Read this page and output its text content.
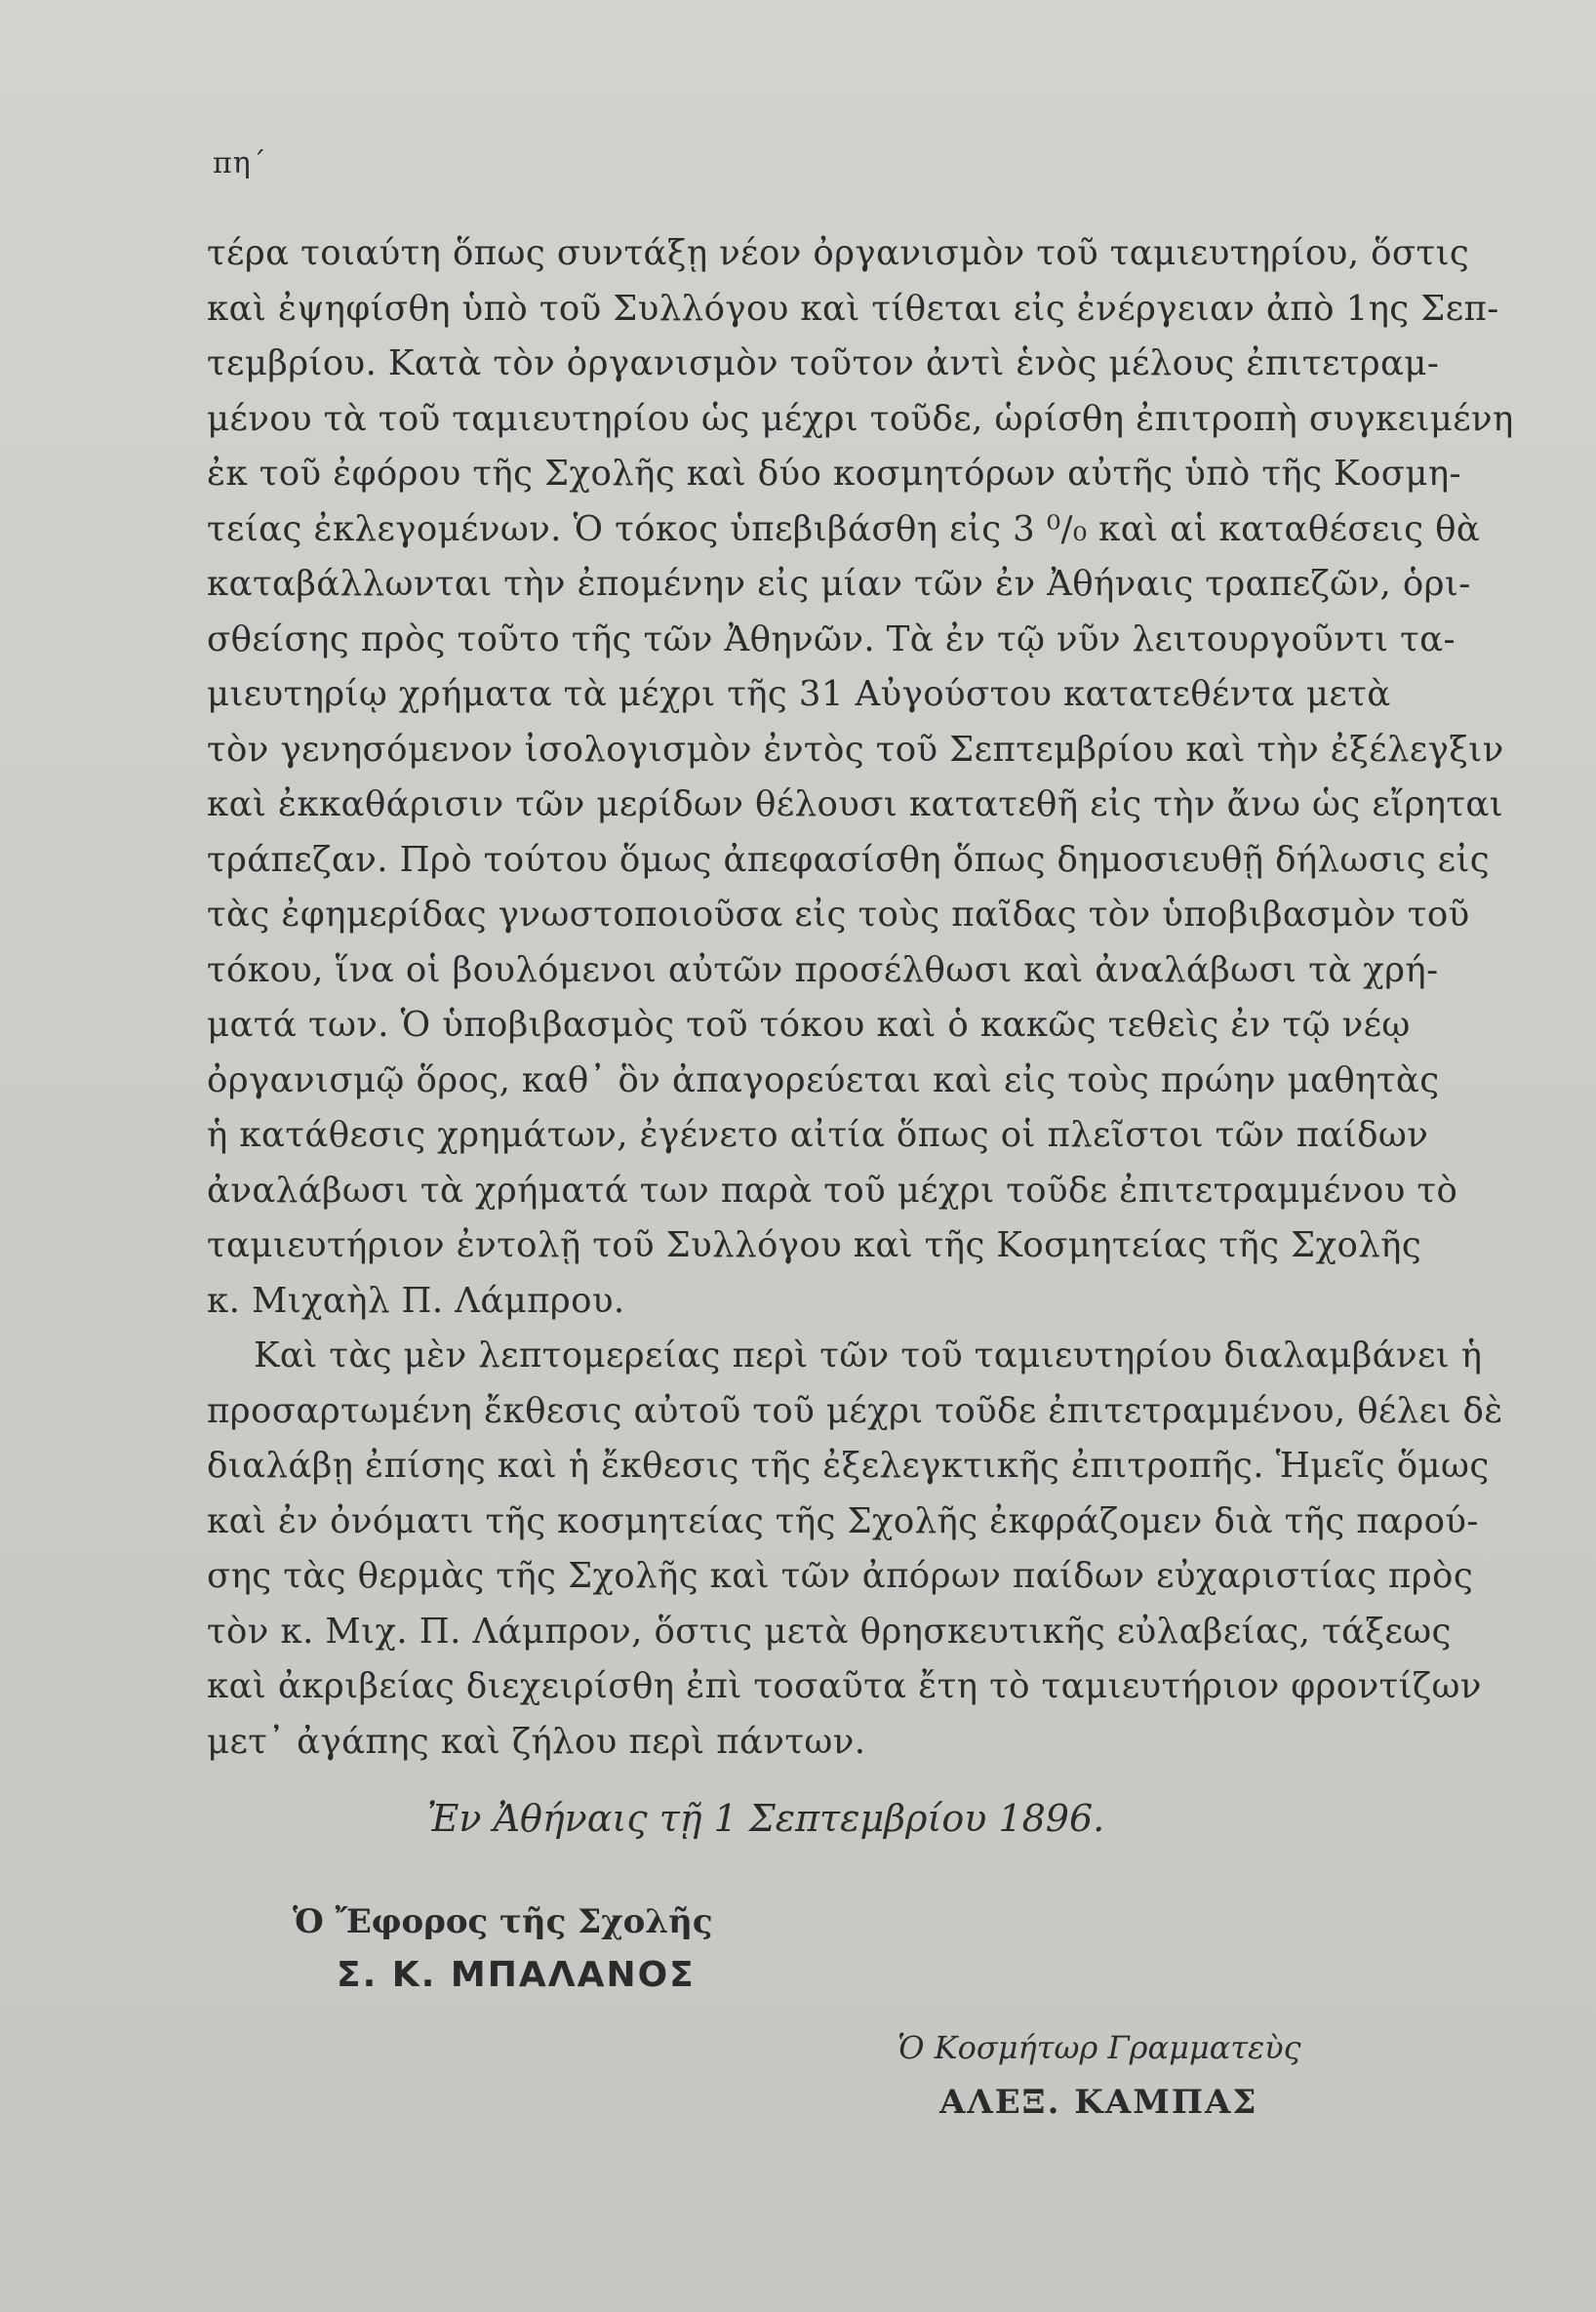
πη΄
τέρα τοιαύτη ὅπως συντάξῃ νέον ὀργανισμὸν τοῦ ταμιευτηρίου, ὅστις
καὶ ἐψηφίσθη ὑπὸ τοῦ Συλλόγου καὶ τίθεται εἰς ἐνέργειαν ἀπὸ 1ης Σεπ-
τεμβρίου. Κατὰ τὸν ὀργανισμὸν τοῦτον ἀντὶ ἑνὸς μέλους ἐπιτετραμ-
μένου τὰ τοῦ ταμιευτηρίου ὡς μέχρι τοῦδε, ὡρίσθη ἐπιτροπὴ συγκειμένη
ἐκ τοῦ ἐφόρου τῆς Σχολῆς καὶ δύο κοσμητόρων αὐτῆς ὑπὸ τῆς Κοσμη-
τείας ἐκλεγομένων. Ὁ τόκος ὑπεβιβάσθη εἰς 3 ⁰/₀ καὶ αἱ καταθέσεις θὰ
καταβάλλωνται τὴν ἐπομένην εἰς μίαν τῶν ἐν Ἀθήναις τραπεζῶν, ὁρι-
σθείσης πρὸς τοῦτο τῆς τῶν Ἀθηνῶν. Τὰ ἐν τῷ νῦν λειτουργοῦντι τα-
μιευτηρίῳ χρήματα τὰ μέχρι τῆς 31 Αὐγούστου κατατεθέντα μετὰ
τὸν γενησόμενον ἰσολογισμὸν ἐντὸς τοῦ Σεπτεμβρίου καὶ τὴν ἐξέλεγξιν
καὶ ἐκκαθάρισιν τῶν μερίδων θέλουσι κατατεθῆ εἰς τὴν ἄνω ὡς εἴρηται
τράπεζαν. Πρὸ τούτου ὅμως ἀπεφασίσθη ὅπως δημοσιευθῇ δήλωσις εἰς
τὰς ἐφημερίδας γνωστοποιοῦσα εἰς τοὺς παῖδας τὸν ὑποβιβασμὸν τοῦ
τόκου, ἵνα οἱ βουλόμενοι αὐτῶν προσέλθωσι καὶ ἀναλάβωσι τὰ χρή-
ματά των. Ὁ ὑποβιβασμὸς τοῦ τόκου καὶ ὁ κακῶς τεθεὶς ἐν τῷ νέῳ
ὀργανισμῷ ὅρος, καθ᾽ ὃν ἀπαγορεύεται καὶ εἰς τοὺς πρώην μαθητὰς
ἡ κατάθεσις χρημάτων, ἐγένετο αἰτία ὅπως οἱ πλεῖστοι τῶν παίδων
ἀναλάβωσι τὰ χρήματά των παρὰ τοῦ μέχρι τοῦδε ἐπιτετραμμένου τὸ
ταμιευτήριον ἐντολῇ τοῦ Συλλόγου καὶ τῆς Κοσμητείας τῆς Σχολῆς
κ. Μιχαὴλ Π. Λάμπρου.
Καὶ τὰς μὲν λεπτομερείας περὶ τῶν τοῦ ταμιευτηρίου διαλαμβάνει ἡ
προσαρτωμένη ἔκθεσις αὐτοῦ τοῦ μέχρι τοῦδε ἐπιτετραμμένου, θέλει δὲ
διαλάβῃ ἐπίσης καὶ ἡ ἔκθεσις τῆς ἐξελεγκτικῆς ἐπιτροπῆς. Ἡμεῖς ὅμως
καὶ ἐν ὀνόματι τῆς κοσμητείας τῆς Σχολῆς ἐκφράζομεν διὰ τῆς παρού-
σης τὰς θερμὰς τῆς Σχολῆς καὶ τῶν ἀπόρων παίδων εὐχαριστίας πρὸς
τὸν κ. Μιχ. Π. Λάμπρον, ὅστις μετὰ θρησκευτικῆς εὐλαβείας, τάξεως
καὶ ἀκριβείας διεχειρίσθη ἐπὶ τοσαῦτα ἔτη τὸ ταμιευτήριον φροντίζων
μετ᾽ ἀγάπης καὶ ζήλου περὶ πάντων.
Ἐν Ἀθήναις τῇ 1 Σεπτεμβρίου 1896.
Ὁ Ἔφορος τῆς Σχολῆς
Σ. Κ. ΜΠΑΛΑΝΟΣ
Ὁ Κοσμήτωρ Γραμματεὺς
ΑΛΕΞ. ΚΑΜΠΑΣ
